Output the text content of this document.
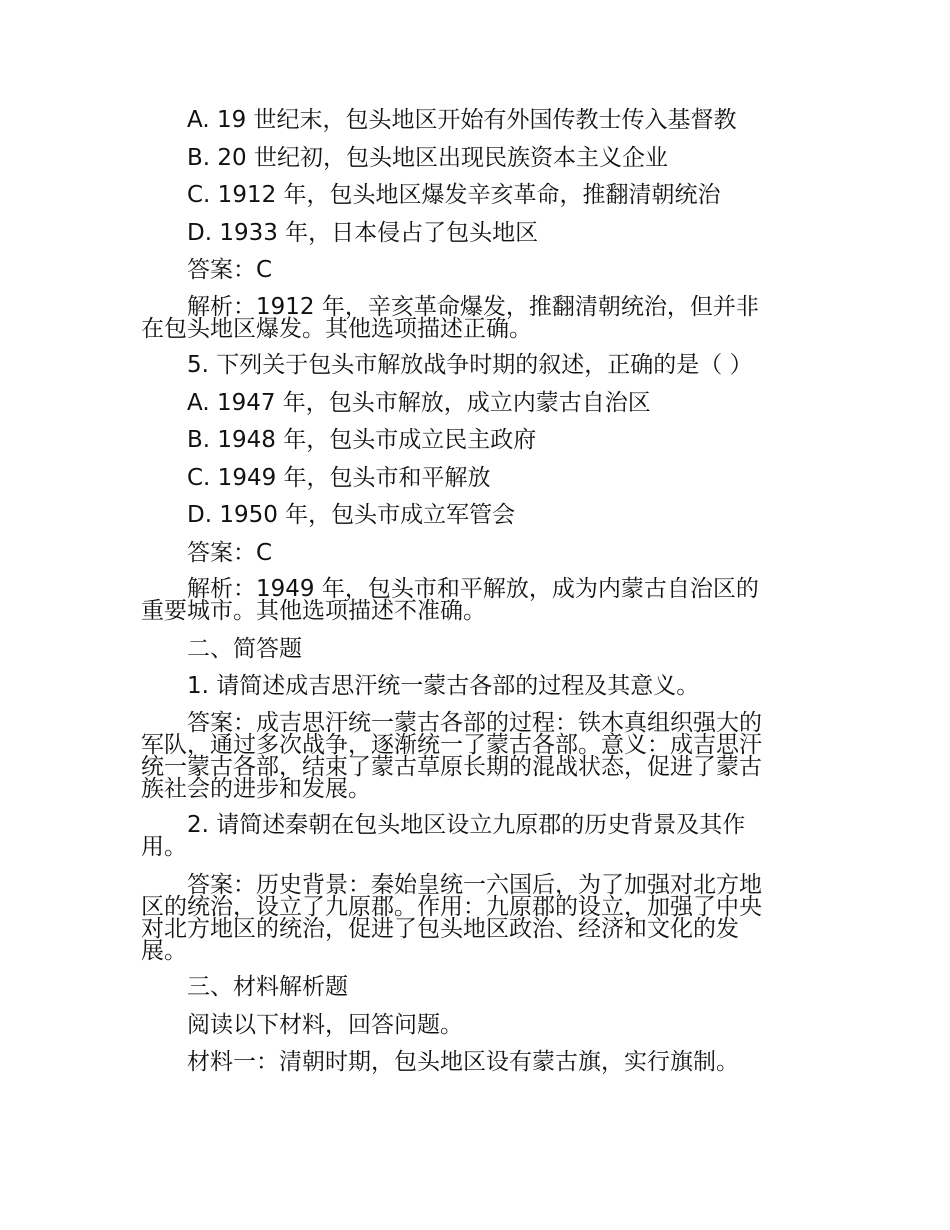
A. 19 世纪末，包头地区开始有外国传教士传入基督教
B. 20 世纪初，包头地区出现民族资本主义企业
C. 1912 年，包头地区爆发辛亥革命，推翻清朝统治
D. 1933 年，日本侵占了包头地区
答案：C
解析：1912 年，辛亥革命爆发，推翻清朝统治，但并非
在包头地区爆发。其他选项描述正确。
5. 下列关于包头市解放战争时期的叙述，正确的是（ ）
A. 1947 年，包头市解放，成立内蒙古自治区
B. 1948 年，包头市成立民主政府
C. 1949 年，包头市和平解放
D. 1950 年，包头市成立军管会
答案：C
解析：1949 年，包头市和平解放，成为内蒙古自治区的
重要城市。其他选项描述不准确。
二、简答题
1. 请简述成吉思汗统一蒙古各部的过程及其意义。
答案：成吉思汗统一蒙古各部的过程：铁木真组织强大的
军队，通过多次战争，逐渐统一了蒙古各部。意义：成吉思汗
统一蒙古各部，结束了蒙古草原长期的混战状态，促进了蒙古
族社会的进步和发展。
2. 请简述秦朝在包头地区设立九原郡的历史背景及其作
用。
答案：历史背景：秦始皇统一六国后，为了加强对北方地
区的统治，设立了九原郡。作用：九原郡的设立，加强了中央
对北方地区的统治，促进了包头地区政治、经济和文化的发
展。
三、材料解析题
阅读以下材料，回答问题。
材料一：清朝时期，包头地区设有蒙古旗，实行旗制。
